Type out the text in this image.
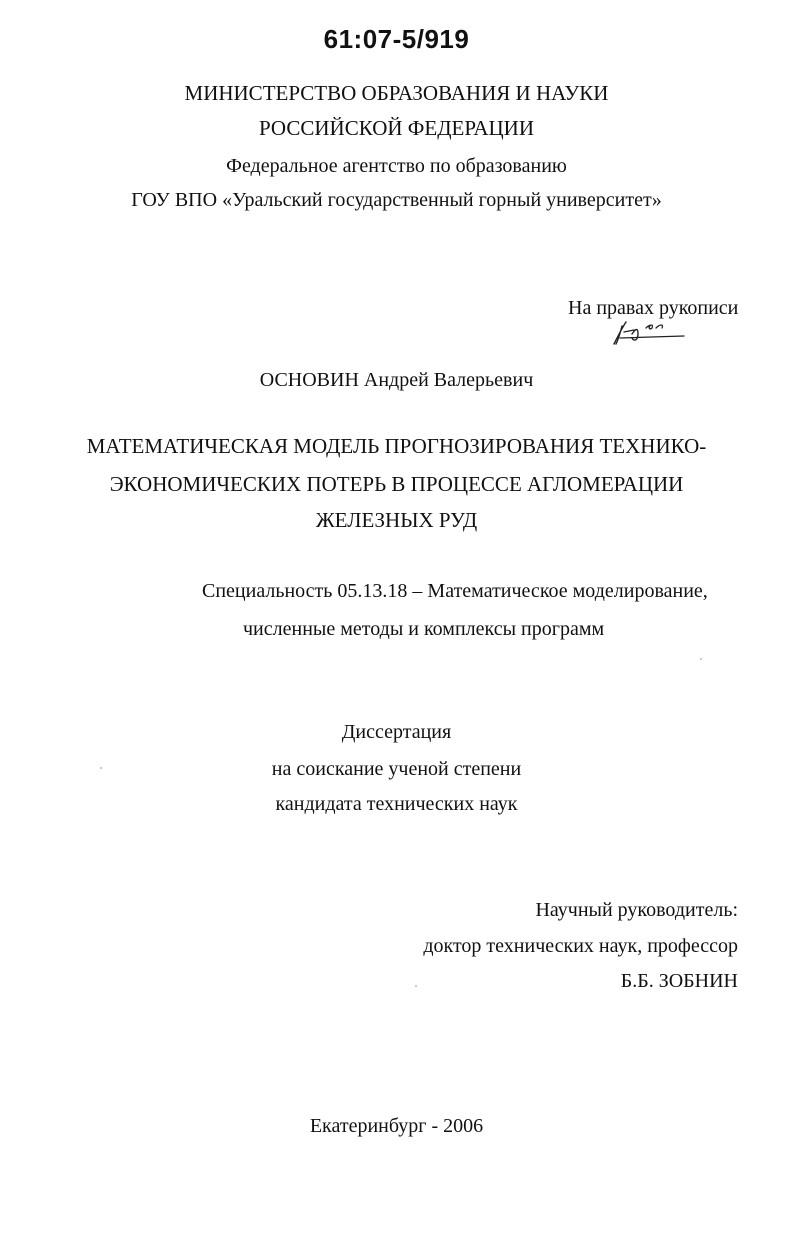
61:07-5/919
МИНИСТЕРСТВО ОБРАЗОВАНИЯ И НАУКИ
РОССИЙСКОЙ ФЕДЕРАЦИИ
Федеральное агентство по образованию
ГОУ ВПО «Уральский государственный горный университет»
На правах рукописи
ОСНОВИН Андрей Валерьевич
МАТЕМАТИЧЕСКАЯ МОДЕЛЬ ПРОГНОЗИРОВАНИЯ ТЕХНИКО-
ЭКОНОМИЧЕСКИХ ПОТЕРЬ В ПРОЦЕССЕ АГЛОМЕРАЦИИ
ЖЕЛЕЗНЫХ РУД
Специальность 05.13.18 – Математическое моделирование,
численные методы и комплексы программ
Диссертация
на соискание ученой степени
кандидата технических наук
Научный руководитель:
доктор технических наук, профессор
Б.Б. ЗОБНИН
Екатеринбург - 2006
